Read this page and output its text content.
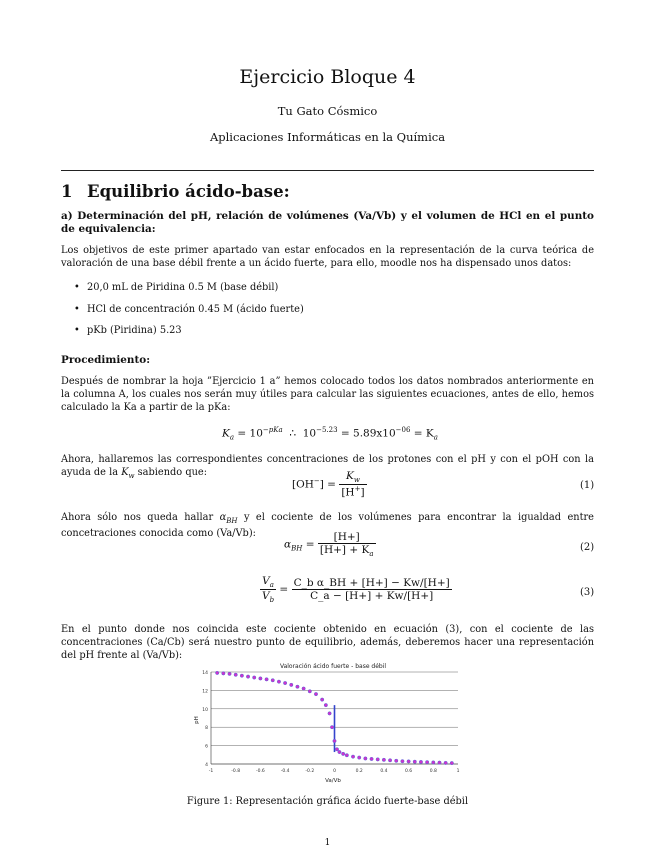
Ejercicio Bloque 4
Tu Gato Cósmico
Aplicaciones Informáticas en la Química
1 Equilibrio ácido-base:
a) Determinación del pH, relación de volúmenes (Va/Vb) y el volumen de HCl en el punto de equivalencia:
Los objetivos de este primer apartado van estar enfocados en la representación de la curva teórica de valoración de una base débil frente a un ácido fuerte, para ello, moodle nos ha dispensado unos datos:
• 20,0 mL de Piridina 0.5 M (base débil)
• HCl de concentración 0.45 M (ácido fuerte)
• pKb (Piridina) 5.23
Procedimiento:
Después de nombrar la hoja ”Ejercicio 1 a” hemos colocado todos los datos nombrados anteriormente en la columna A, los cuales nos serán muy útiles para calcular las siguientes ecuaciones, antes de ello, hemos calculado la Ka a partir de la pKa:
$K_a = 10^{-pKa}$ ∴ $10^{-5.23} = 5.89x10^{-06} = K_a$
Ahora, hallaremos las correspondientes concentraciones de los protones con el pH y con el pOH con la ayuda de la $K_w$ sabiendo que:
$[OH^-] = \frac{K_w}{[H^+]}$	(1)
Ahora sólo nos queda hallar $\alpha_{BH}$ y el cociente de los volúmenes para encontrar la igualdad entre concetraciones conocida como (Va/Vb):
$\alpha_{BH} = \frac{[H+]}{[H+] + K_a}$	(2)
$\frac{V_a}{V_b} = \frac{\text{C\_b α\_BH + [H+] − Kw/[H+]}}{C\_a - [H+] + Kw/[H+]}$	(3)
En el punto donde nos coincida este cociente obtenido en ecuación (3), con el cociente de las concentraciones (Ca/Cb) será nuestro punto de equilibrio, además, deberemos hacer una representación del pH frente al (Va/Vb):
Valoración ácido fuerte - base débil
4
6
8
10
12
14
-1	-0.8	-0.6	-0.4	-0.2	0	0.2	0.4	0.6	0.8	1
pH
Va/Vb
Figure 1: Representación gráfica ácido fuerte-base débil
1
